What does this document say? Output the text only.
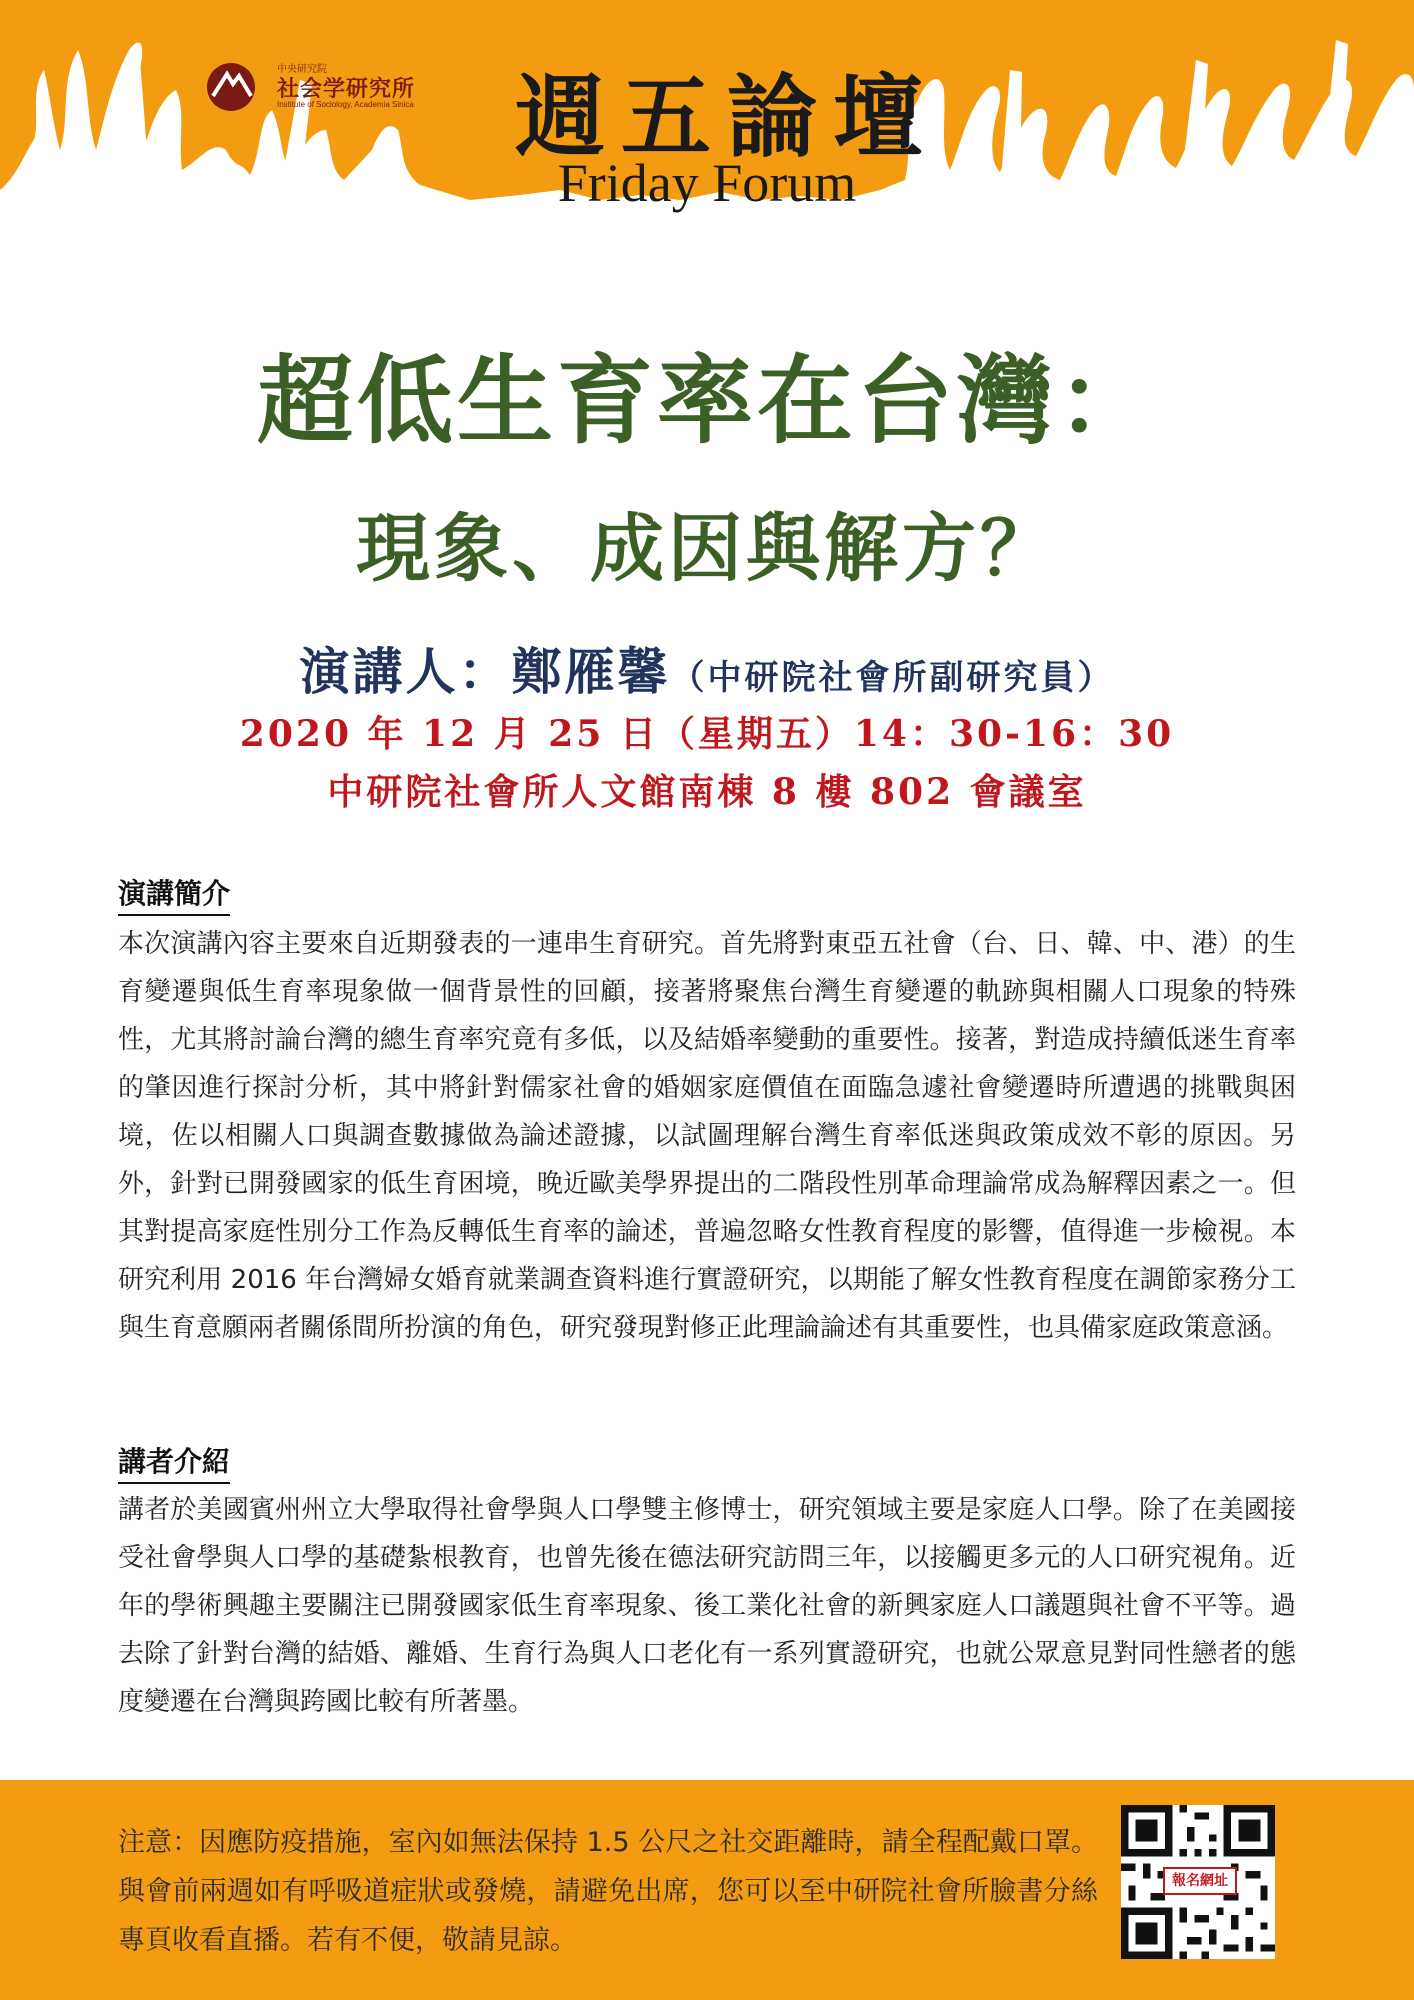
中央研究院
社会学研究所
Institute of Sociology, Academia Sinica	週五論壇
Friday Forum
超低生育率在台灣：
現象、成因與解方？
演講人：鄭雁馨（中研院社會所副研究員）
2020 年 12 月 25 日（星期五）14：30-16：30
中研院社會所人文館南棟 8 樓 802 會議室
演講簡介
本次演講內容主要來自近期發表的一連串生育研究。首先將對東亞五社會（台、日、韓、中、港）的生育變遷與低生育率現象做一個背景性的回顧，接著將聚焦台灣生育變遷的軌跡與相關人口現象的特殊性，尤其將討論台灣的總生育率究竟有多低，以及結婚率變動的重要性。接著，對造成持續低迷生育率的肇因進行探討分析，其中將針對儒家社會的婚姻家庭價值在面臨急遽社會變遷時所遭遇的挑戰與困境，佐以相關人口與調查數據做為論述證據，以試圖理解台灣生育率低迷與政策成效不彰的原因。另外，針對已開發國家的低生育困境，晚近歐美學界提出的二階段性別革命理論常成為解釋因素之一。但其對提高家庭性別分工作為反轉低生育率的論述，普遍忽略女性教育程度的影響，值得進一步檢視。本研究利用 2016 年台灣婦女婚育就業調查資料進行實證研究，以期能了解女性教育程度在調節家務分工與生育意願兩者關係間所扮演的角色，研究發現對修正此理論論述有其重要性，也具備家庭政策意涵。
講者介紹
講者於美國賓州州立大學取得社會學與人口學雙主修博士，研究領域主要是家庭人口學。除了在美國接受社會學與人口學的基礎紮根教育，也曾先後在德法研究訪問三年，以接觸更多元的人口研究視角。近年的學術興趣主要關注已開發國家低生育率現象、後工業化社會的新興家庭人口議題與社會不平等。過去除了針對台灣的結婚、離婚、生育行為與人口老化有一系列實證研究，也就公眾意見對同性戀者的態度變遷在台灣與跨國比較有所著墨。
注意：因應防疫措施，室內如無法保持 1.5 公尺之社交距離時，請全程配戴口罩。與會前兩週如有呼吸道症狀或發燒，請避免出席，您可以至中研院社會所臉書分絲專頁收看直播。若有不便，敬請見諒。
報名網址
